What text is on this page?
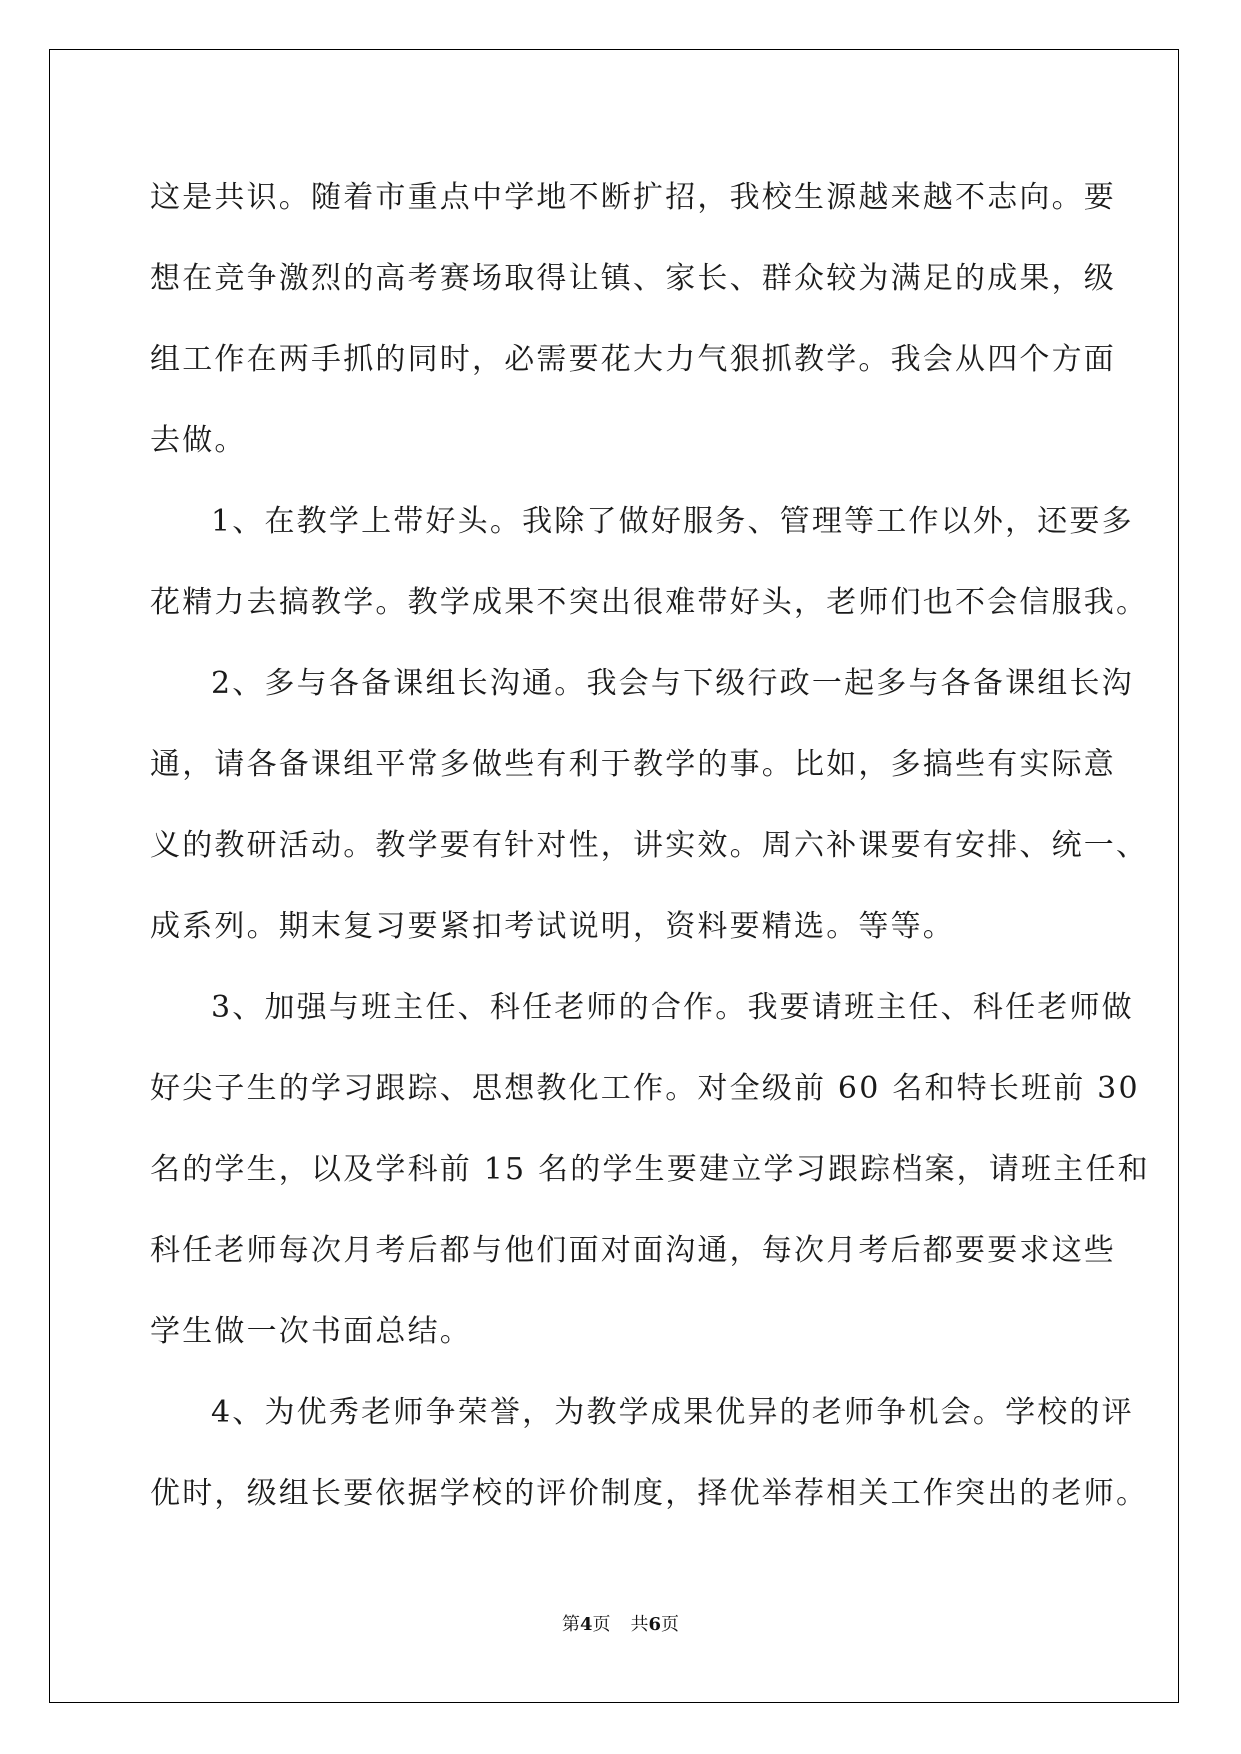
这是共识。随着市重点中学地不断扩招，我校生源越来越不志向。要
想在竞争激烈的高考赛场取得让镇、家长、群众较为满足的成果，级
组工作在两手抓的同时，必需要花大力气狠抓教学。我会从四个方面
去做。
1、在教学上带好头。我除了做好服务、管理等工作以外，还要多
花精力去搞教学。教学成果不突出很难带好头，老师们也不会信服我。
2、多与各备课组长沟通。我会与下级行政一起多与各备课组长沟
通，请各备课组平常多做些有利于教学的事。比如，多搞些有实际意
义的教研活动。教学要有针对性，讲实效。周六补课要有安排、统一、
成系列。期末复习要紧扣考试说明，资料要精选。等等。
3、加强与班主任、科任老师的合作。我要请班主任、科任老师做
好尖子生的学习跟踪、思想教化工作。对全级前 60 名和特长班前 30
名的学生，以及学科前 15 名的学生要建立学习跟踪档案，请班主任和
科任老师每次月考后都与他们面对面沟通，每次月考后都要要求这些
学生做一次书面总结。
4、为优秀老师争荣誉，为教学成果优异的老师争机会。学校的评
优时，级组长要依据学校的评价制度，择优举荐相关工作突出的老师。
第4页 共6页
